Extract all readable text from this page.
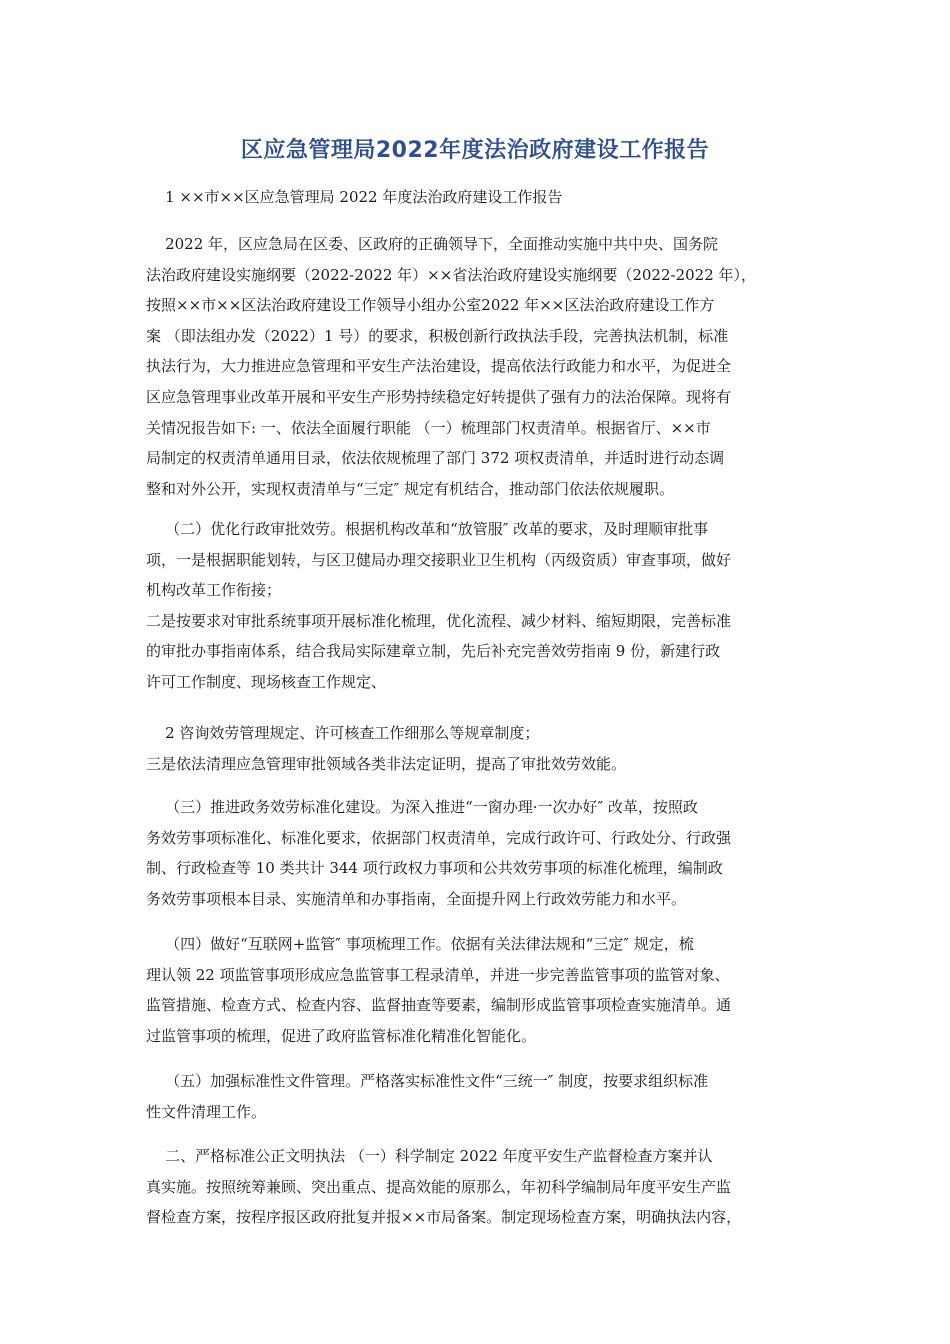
区应急管理局2022年度法治政府建设工作报告

1 ××市××区应急管理局 2022 年度法治政府建设工作报告

2022 年，区应急局在区委、区政府的正确领导下，全面推动实施中共中央、国务院
法治政府建设实施纲要（2022-2022 年）××省法治政府建设实施纲要（2022-2022 年），
按照××市××区法治政府建设工作领导小组办公室2022 年××区法治政府建设工作方
案 （即法组办发（2022）1 号）的要求，积极创新行政执法手段，完善执法机制，标准
执法行为，大力推进应急管理和平安生产法治建设，提高依法行政能力和水平，为促进全
区应急管理事业改革开展和平安生产形势持续稳定好转提供了强有力的法治保障。现将有
关情况报告如下: 一、依法全面履行职能 （一）梳理部门权责清单。根据省厅、××市
局制定的权责清单通用目录，依法依规梳理了部门 372 项权责清单，并适时进行动态调
整和对外公开，实现权责清单与“三定″ 规定有机结合，推动部门依法依规履职。

（二）优化行政审批效劳。根据机构改革和“放管服″ 改革的要求，及时理顺审批事
项，一是根据职能划转，与区卫健局办理交接职业卫生机构（丙级资质）审查事项，做好
机构改革工作衔接；
二是按要求对审批系统事项开展标准化梳理，优化流程、减少材料、缩短期限，完善标准
的审批办事指南体系，结合我局实际建章立制，先后补充完善效劳指南 9 份，新建行政
许可工作制度、现场核查工作规定、

2 咨询效劳管理规定、许可核查工作细那么等规章制度；
三是依法清理应急管理审批领域各类非法定证明，提高了审批效劳效能。

（三）推进政务效劳标准化建设。为深入推进“一窗办理·一次办好″ 改革，按照政
务效劳事项标准化、标准化要求，依据部门权责清单，完成行政许可、行政处分、行政强
制、行政检查等 10 类共计 344 项行政权力事项和公共效劳事项的标准化梳理，编制政
务效劳事项根本目录、实施清单和办事指南，全面提升网上行政效劳能力和水平。

（四）做好“互联网+监管″ 事项梳理工作。依据有关法律法规和“三定″ 规定，梳
理认领 22 项监管事项形成应急监管事工程录清单，并进一步完善监管事项的监管对象、
监管措施、检查方式、检查内容、监督抽查等要素，编制形成监管事项检查实施清单。通
过监管事项的梳理，促进了政府监管标准化精准化智能化。

（五）加强标准性文件管理。严格落实标准性文件“三统一″ 制度，按要求组织标准
性文件清理工作。

二、严格标准公正文明执法 （一）科学制定 2022 年度平安生产监督检查方案并认
真实施。按照统筹兼顾、突出重点、提高效能的原那么，年初科学编制局年度平安生产监
督检查方案，按程序报区政府批复并报××市局备案。制定现场检查方案，明确执法内容，
